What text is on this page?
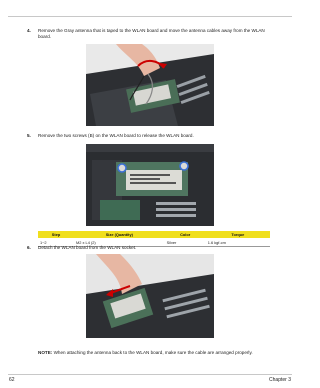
4. Remove the Gray antenna that is taped to the WLAN board and move the antenna cables away from the WLAN board.
5. Remove the two screws (B) on the WLAN board to release the WLAN board.
Step	Size (Quantity)	Color	Torque
1~2	M2 x L4 (2)	Silver	1.6 kgf-cm
6. Detach the WLAN board from the WLAN socket.
NOTE: When attaching the antenna back to the WLAN board, make sure the cable are arranged properly.
62	Chapter 3
